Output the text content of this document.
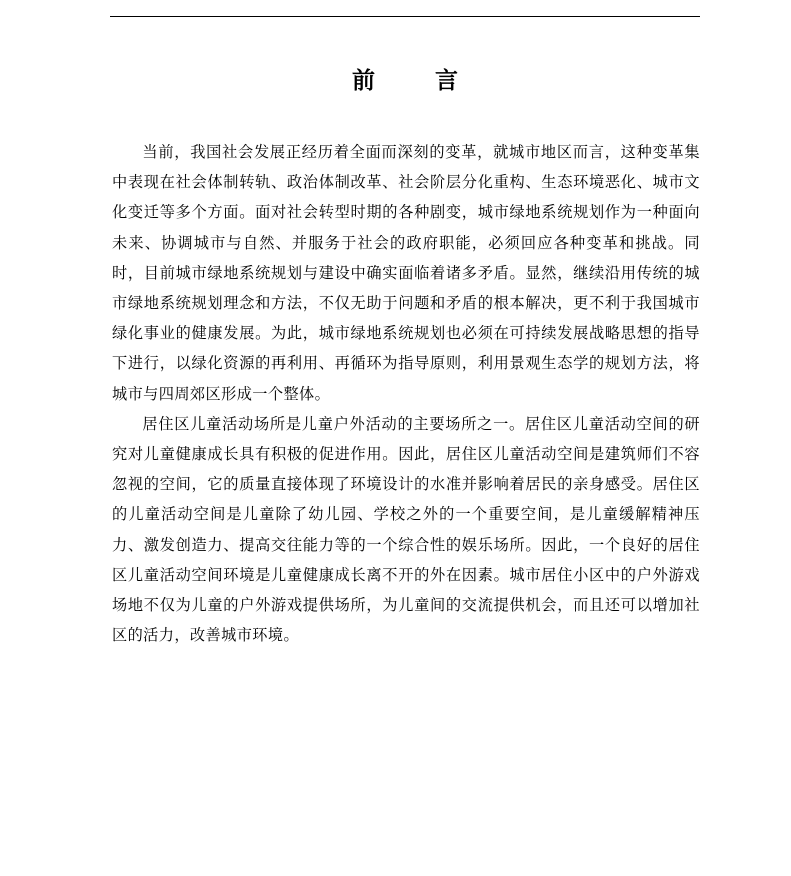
前	言

当前，我国社会发展正经历着全面而深刻的变革，就城市地区而言，这种变革集中表现在社会体制转轨、政治体制改革、社会阶层分化重构、生态环境恶化、城市文化变迁等多个方面。面对社会转型时期的各种剧变，城市绿地系统规划作为一种面向未来、协调城市与自然、并服务于社会的政府职能，必须回应各种变革和挑战。同时，目前城市绿地系统规划与建设中确实面临着诸多矛盾。显然，继续沿用传统的城市绿地系统规划理念和方法，不仅无助于问题和矛盾的根本解决，更不利于我国城市绿化事业的健康发展。为此，城市绿地系统规划也必须在可持续发展战略思想的指导下进行，以绿化资源的再利用、再循环为指导原则，利用景观生态学的规划方法，将城市与四周郊区形成一个整体。

居住区儿童活动场所是儿童户外活动的主要场所之一。居住区儿童活动空间的研究对儿童健康成长具有积极的促进作用。因此，居住区儿童活动空间是建筑师们不容忽视的空间，它的质量直接体现了环境设计的水准并影响着居民的亲身感受。居住区的儿童活动空间是儿童除了幼儿园、学校之外的一个重要空间，是儿童缓解精神压力、激发创造力、提高交往能力等的一个综合性的娱乐场所。因此，一个良好的居住区儿童活动空间环境是儿童健康成长离不开的外在因素。城市居住小区中的户外游戏场地不仅为儿童的户外游戏提供场所，为儿童间的交流提供机会，而且还可以增加社区的活力，改善城市环境。
